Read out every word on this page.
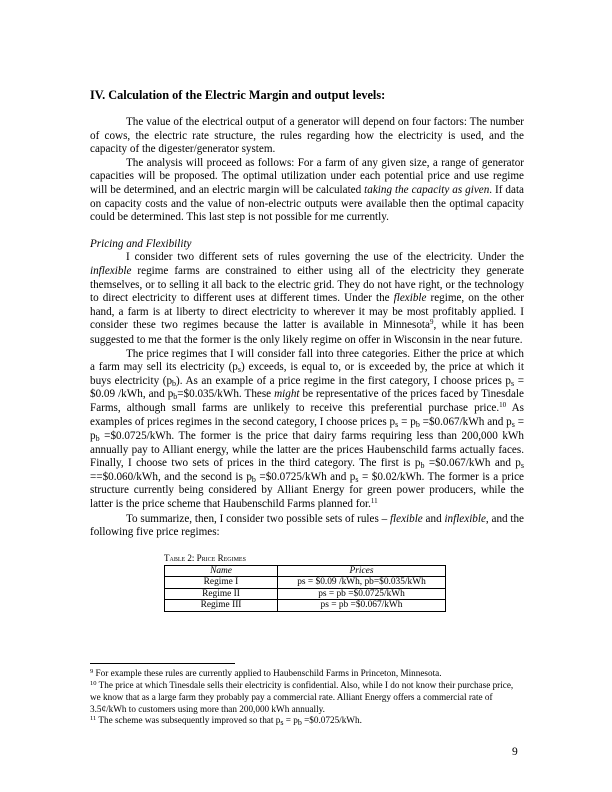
IV. Calculation of the Electric Margin and output levels:

The value of the electrical output of a generator will depend on four factors: The number of cows, the electric rate structure, the rules regarding how the electricity is used, and the capacity of the digester/generator system.

The analysis will proceed as follows: For a farm of any given size, a range of generator capacities will be proposed. The optimal utilization under each potential price and use regime will be determined, and an electric margin will be calculated taking the capacity as given. If data on capacity costs and the value of non-electric outputs were available then the optimal capacity could be determined. This last step is not possible for me currently.

Pricing and Flexibility

I consider two different sets of rules governing the use of the electricity. Under the inflexible regime farms are constrained to either using all of the electricity they generate themselves, or to selling it all back to the electric grid. They do not have right, or the technology to direct electricity to different uses at different times. Under the flexible regime, on the other hand, a farm is at liberty to direct electricity to wherever it may be most profitably applied. I consider these two regimes because the latter is available in Minnesota$^9$, while it has been suggested to me that the former is the only likely regime on offer in Wisconsin in the near future.

The price regimes that I will consider fall into three categories. Either the price at which a farm may sell its electricity $(p_s)$ exceeds, is equal to, or is exceeded by, the price at which it buys electricity $(p_b)$. As an example of a price regime in the first category, I choose prices $p_s$ = $0.09 /kWh, and $p_b=\$0.035$/kWh. These might be representative of the prices faced by Tinesdale Farms, although small farms are unlikely to receive this preferential purchase price.$^{10}$ As examples of prices regimes in the second category, I choose prices $p_s = p_b$ =$0.067/kWh and $p_s = p_b$ =$0.0725/kWh. The former is the price that dairy farms requiring less than 200,000 kWh annually pay to Alliant energy, while the latter are the prices Haubenschild farms actually faces. Finally, I choose two sets of prices in the third category. The first is $p_b$ =$0.067/kWh and $p_s$ ==$0.060/kWh, and the second is $p_b$ =$0.0725/kWh and $p_s$ = $0.02/kWh. The former is a price structure currently being considered by Alliant Energy for green power producers, while the latter is the price scheme that Haubenschild Farms planned for.$^{11}$

To summarize, then, I consider two possible sets of rules – flexible and inflexible, and the following five price regimes:

Table 2: Price Regimes
Name	Prices
Regime I	ps = $0.09 /kWh, pb=$0.035/kWh
Regime II	ps = pb =$0.0725/kWh
Regime III	ps = pb =$0.067/kWh

$^9$ For example these rules are currently applied to Haubenschild Farms in Princeton, Minnesota.

$^{10}$ The price at which Tinesdale sells their electricity is confidential. Also, while I do not know their purchase price, we know that as a large farm they probably pay a commercial rate. Alliant Energy offers a commercial rate of 3.5¢/kWh to customers using more than 200,000 kWh annually.

$^{11}$ The scheme was subsequently improved so that $p_s = p_b$ =$0.0725/kWh.

9
